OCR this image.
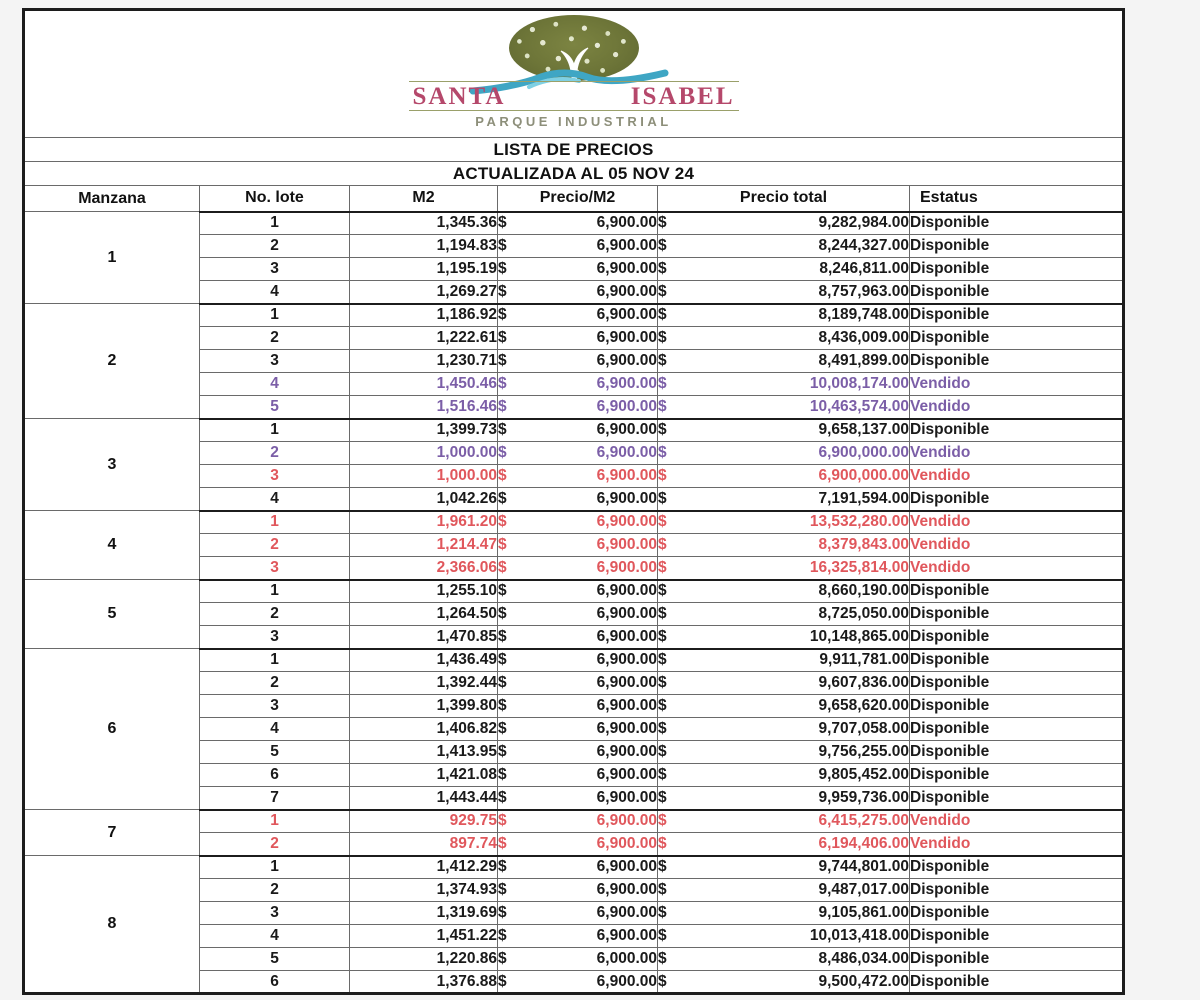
SANTA ISABEL
PARQUE INDUSTRIAL					

LISTA DE PRECIOS					
ACTUALIZADA AL 05 NOV 24					
Manzana	No. lote	M2	Precio/M2	Precio total	Estatus
1	1	1,345.36	$ 6,900.00	$ 9,282,984.00	Disponible
	2	1,194.83	$ 6,900.00	$ 8,244,327.00	Disponible
	3	1,195.19	$ 6,900.00	$ 8,246,811.00	Disponible
	4	1,269.27	$ 6,900.00	$ 8,757,963.00	Disponible
2	1	1,186.92	$ 6,900.00	$ 8,189,748.00	Disponible
	2	1,222.61	$ 6,900.00	$ 8,436,009.00	Disponible
	3	1,230.71	$ 6,900.00	$ 8,491,899.00	Disponible
	4	1,450.46	$ 6,900.00	$ 10,008,174.00	Vendido
	5	1,516.46	$ 6,900.00	$ 10,463,574.00	Vendido
3	1	1,399.73	$ 6,900.00	$ 9,658,137.00	Disponible
	2	1,000.00	$ 6,900.00	$ 6,900,000.00	Vendido
	3	1,000.00	$ 6,900.00	$ 6,900,000.00	Vendido
	4	1,042.26	$ 6,900.00	$ 7,191,594.00	Disponible
4	1	1,961.20	$ 6,900.00	$ 13,532,280.00	Vendido
	2	1,214.47	$ 6,900.00	$ 8,379,843.00	Vendido
	3	2,366.06	$ 6,900.00	$ 16,325,814.00	Vendido
5	1	1,255.10	$ 6,900.00	$ 8,660,190.00	Disponible
	2	1,264.50	$ 6,900.00	$ 8,725,050.00	Disponible
	3	1,470.85	$ 6,900.00	$ 10,148,865.00	Disponible
6	1	1,436.49	$ 6,900.00	$ 9,911,781.00	Disponible
	2	1,392.44	$ 6,900.00	$ 9,607,836.00	Disponible
	3	1,399.80	$ 6,900.00	$ 9,658,620.00	Disponible
	4	1,406.82	$ 6,900.00	$ 9,707,058.00	Disponible
	5	1,413.95	$ 6,900.00	$ 9,756,255.00	Disponible
	6	1,421.08	$ 6,900.00	$ 9,805,452.00	Disponible
	7	1,443.44	$ 6,900.00	$ 9,959,736.00	Disponible
7	1	929.75	$ 6,900.00	$ 6,415,275.00	Vendido
	2	897.74	$ 6,900.00	$ 6,194,406.00	Vendido
8	1	1,412.29	$ 6,900.00	$ 9,744,801.00	Disponible
	2	1,374.93	$ 6,900.00	$ 9,487,017.00	Disponible
	3	1,319.69	$ 6,900.00	$ 9,105,861.00	Disponible
	4	1,451.22	$ 6,900.00	$ 10,013,418.00	Disponible
	5	1,220.86	$ 6,000.00	$ 8,486,034.00	Disponible
	6	1,376.88	$ 6,900.00	$ 9,500,472.00	Disponible
